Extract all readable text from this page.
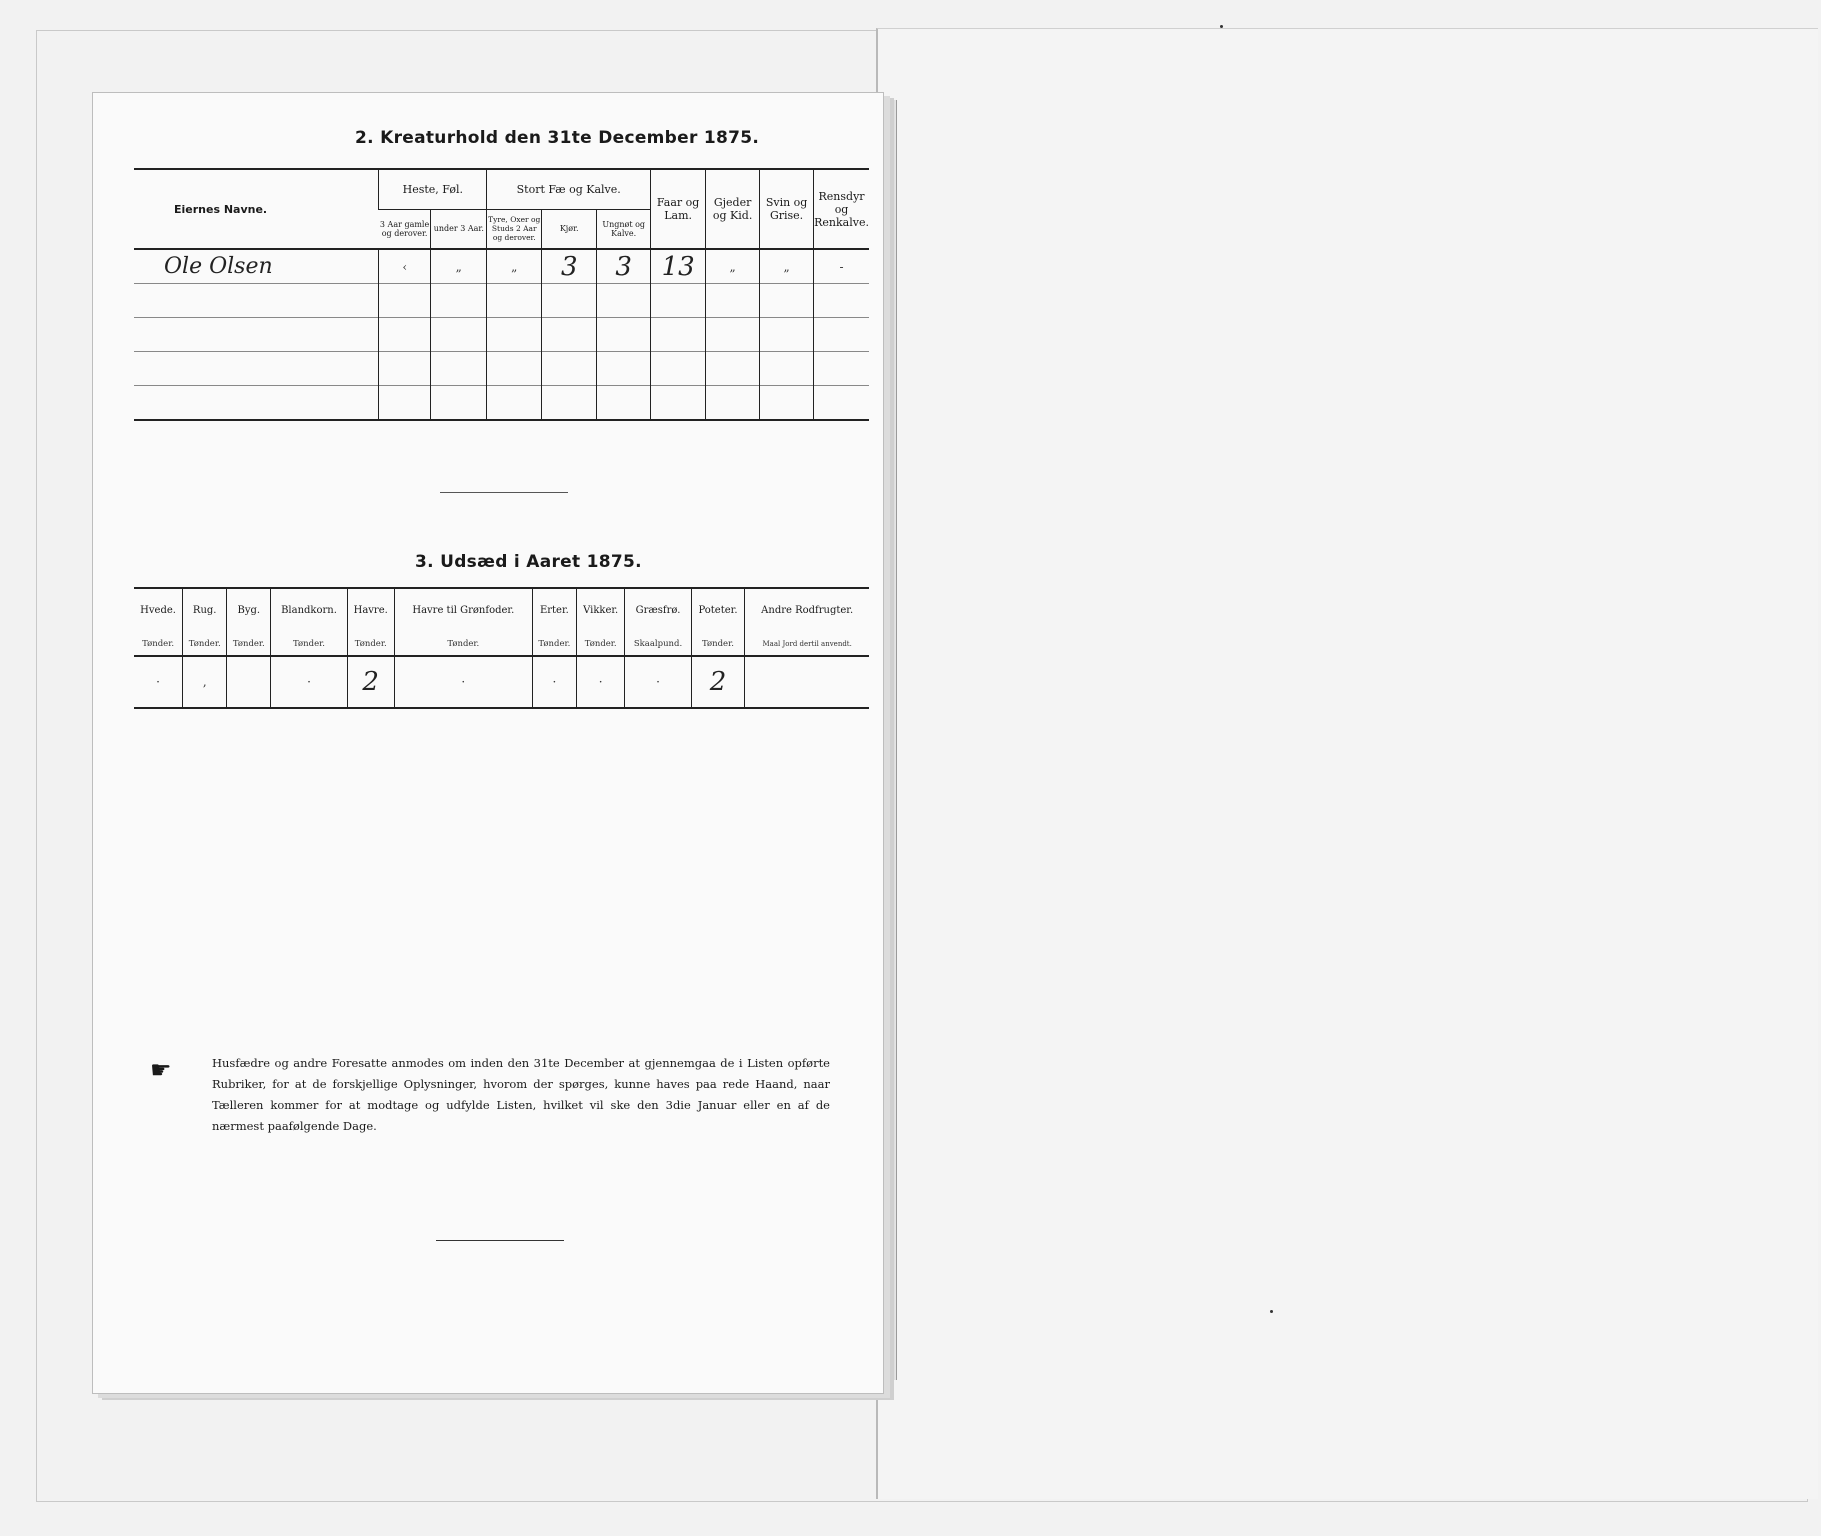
2. Kreaturhold den 31te December 1875.
Eiernes Navne.	Heste, Føl.		Stort Fæ og Kalve.			Faar og Lam.	Gjeder og Kid.	Svin og Grise.	Rensdyr og Renkalve.
	3 Aar gamle og derover.	under 3 Aar.	Tyre, Oxer og Studs 2 Aar og derover.	Kjør.	Ungnøt og Kalve.				
Ole Olsen	‹	„	„	3	3	13	„	„	-

3. Udsæd i Aaret 1875.
Hvede.	Rug.	Byg.	Blandkorn.	Havre.	Havre til Grønfoder.	Erter.	Vikker.	Græsfrø.	Poteter.	Andre Rodfrugter.
Tønder.	Tønder.	Tønder.	Tønder.	Tønder.	Tønder.	Tønder.	Tønder.	Skaalpund.	Tønder.	Maal Jord dertil anvendt.
·	‚		·	2	·	·	·	·	2	
☛	Husfædre og andre Foresatte anmodes om inden den 31te December at gjennemgaa de i Listen opførte Rubriker, for at de forskjellige Oplysninger, hvorom der spørges, kunne haves paa rede Haand, naar Tælleren kommer for at modtage og udfylde Listen, hvilket vil ske den 3die Januar eller en af de nærmest paafølgende Dage.
